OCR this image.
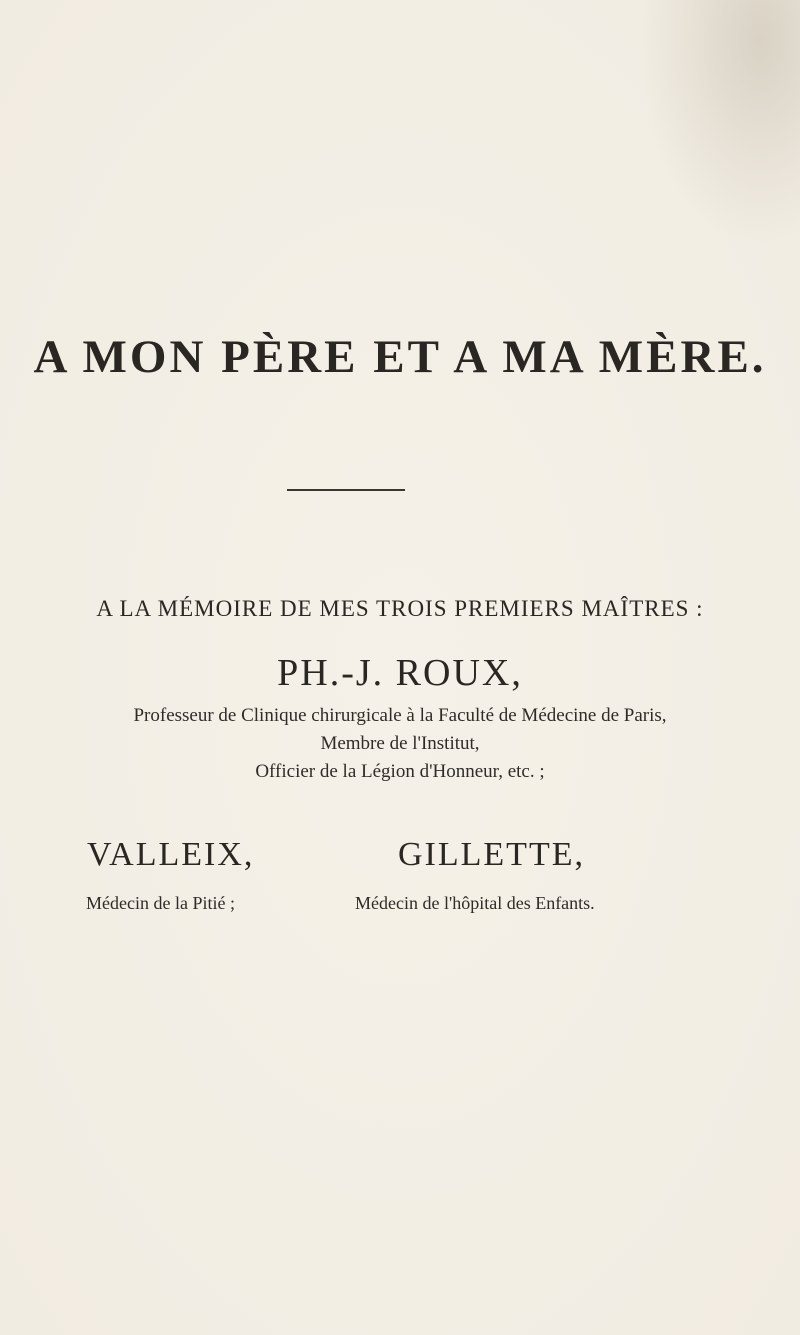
A MON PÈRE ET A MA MÈRE.
A LA MÉMOIRE DE MES TROIS PREMIERS MAÎTRES :
PH.-J. ROUX,
Professeur de Clinique chirurgicale à la Faculté de Médecine de Paris,
Membre de l'Institut,
Officier de la Légion d'Honneur, etc. ;
VALLEIX,
Médecin de la Pitié ;
GILLETTE,
Médecin de l'hôpital des Enfants.
